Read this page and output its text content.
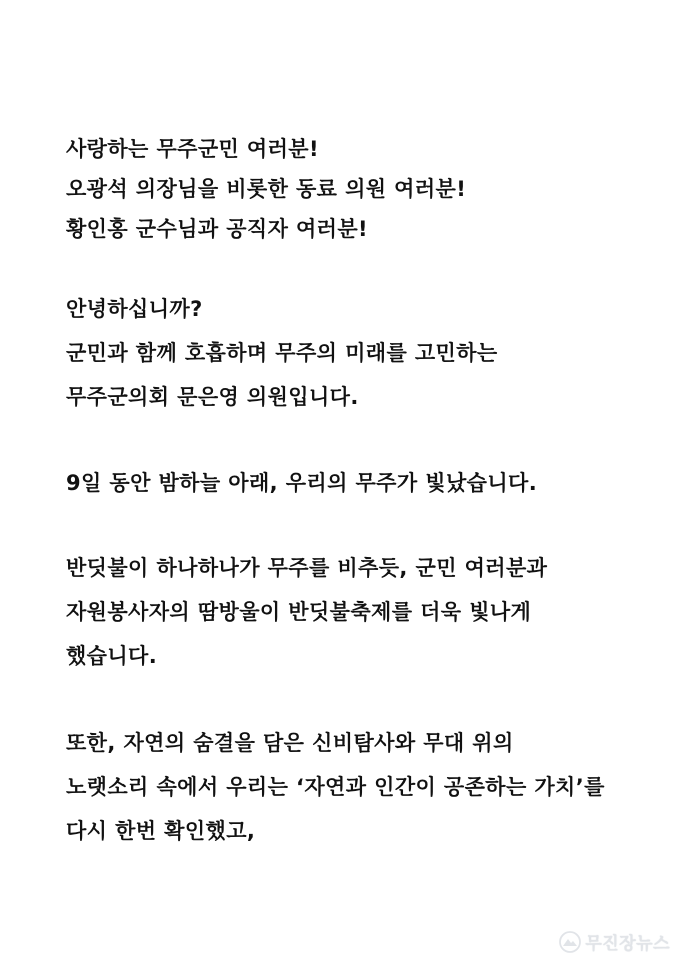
사랑하는 무주군민 여러분!
오광석 의장님을 비롯한 동료 의원 여러분!
황인홍 군수님과 공직자 여러분!
안녕하십니까?
군민과 함께 호흡하며 무주의 미래를 고민하는
무주군의회 문은영 의원입니다.
9일 동안 밤하늘 아래, 우리의 무주가 빛났습니다.
반딧불이 하나하나가 무주를 비추듯, 군민 여러분과
자원봉사자의 땀방울이 반딧불축제를 더욱 빛나게
했습니다.
또한, 자연의 숨결을 담은 신비탐사와 무대 위의
노랫소리 속에서 우리는 ‘자연과 인간이 공존하는 가치’를
다시 한번 확인했고,
무진장뉴스
